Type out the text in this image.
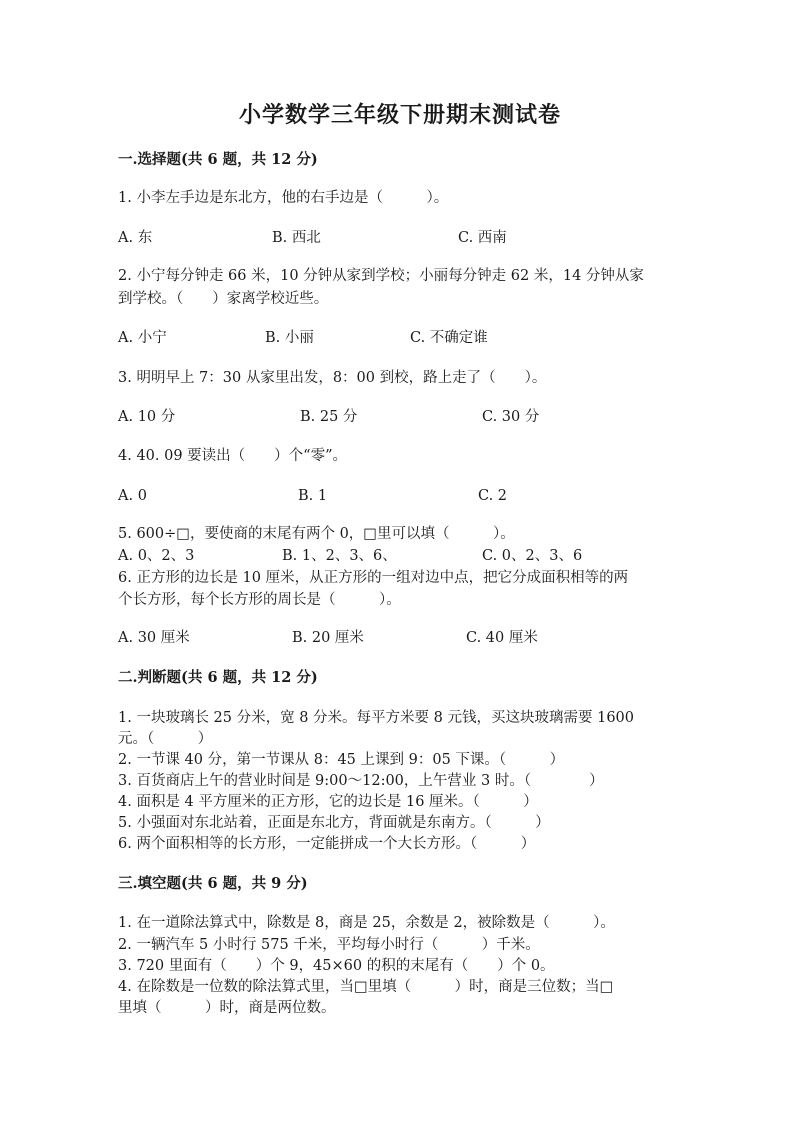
小学数学三年级下册期末测试卷
一.选择题(共 6 题，共 12 分)
1. 小李左手边是东北方，他的右手边是（　　　）。
A. 东	B. 西北	C. 西南
2. 小宁每分钟走 66 米，10 分钟从家到学校；小丽每分钟走 62 米，14 分钟从家
到学校。（　　）家离学校近些。
A. 小宁	B. 小丽	C. 不确定谁
3. 明明早上 7：30 从家里出发，8：00 到校，路上走了（　　）。
A. 10 分	B. 25 分	C. 30 分
4. 40. 09 要读出（　　）个“零”。
A. 0	B. 1	C. 2
5. 600÷□，要使商的末尾有两个 0，□里可以填（　　　）。
A. 0、2、3	B. 1、2、3、6、	C. 0、2、3、6
6. 正方形的边长是 10 厘米，从正方形的一组对边中点，把它分成面积相等的两
个长方形，每个长方形的周长是（　　　）。
A. 30 厘米	B. 20 厘米	C. 40 厘米
二.判断题(共 6 题，共 12 分)
1. 一块玻璃长 25 分米，宽 8 分米。每平方米要 8 元钱，买这块玻璃需要 1600
元。（　　　）
2. 一节课 40 分，第一节课从 8：45 上课到 9：05 下课。（　　　）
3. 百货商店上午的营业时间是 9:00～12:00，上午营业 3 时。（　　　　）
4. 面积是 4 平方厘米的正方形，它的边长是 16 厘米。（　　　）
5. 小强面对东北站着，正面是东北方，背面就是东南方。（　　　）
6. 两个面积相等的长方形，一定能拼成一个大长方形。（　　　）
三.填空题(共 6 题，共 9 分)
1. 在一道除法算式中，除数是 8，商是 25，余数是 2，被除数是（　　　）。
2. 一辆汽车 5 小时行 575 千米，平均每小时行（　　　）千米。
3. 720 里面有（　　）个 9，45×60 的积的末尾有（　　）个 0。
4. 在除数是一位数的除法算式里，当□里填（　　　）时，商是三位数；当□
里填（　　　）时，商是两位数。
